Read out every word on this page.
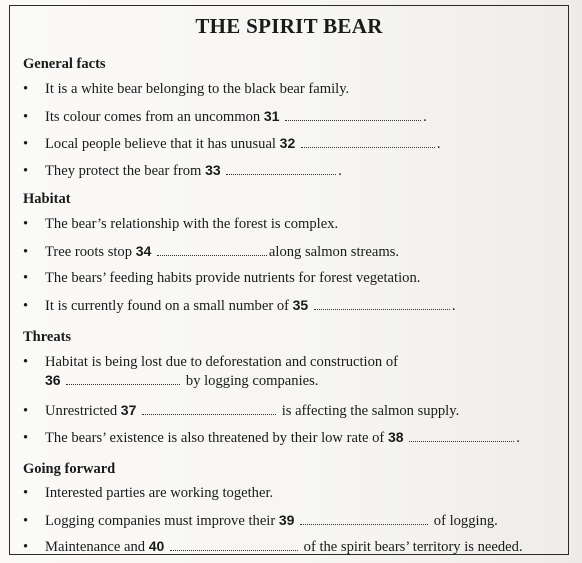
THE SPIRIT BEAR
General facts
• It is a white bear belonging to the black bear family.
• Its colour comes from an uncommon 31	.
• Local people believe that it has unusual 32	.
• They protect the bear from 33	.
Habitat
• The bear’s relationship with the forest is complex.
• Tree roots stop 34	along salmon streams.
• The bears’ feeding habits provide nutrients for forest vegetation.
• It is currently found on a small number of 35	.
Threats
• Habitat is being lost due to deforestation and construction of
36	by logging companies.
• Unrestricted 37	is affecting the salmon supply.
• The bears’ existence is also threatened by their low rate of 38	.
Going forward
• Interested parties are working together.
• Logging companies must improve their 39	of logging.
• Maintenance and 40	of the spirit bears’ territory is needed.
